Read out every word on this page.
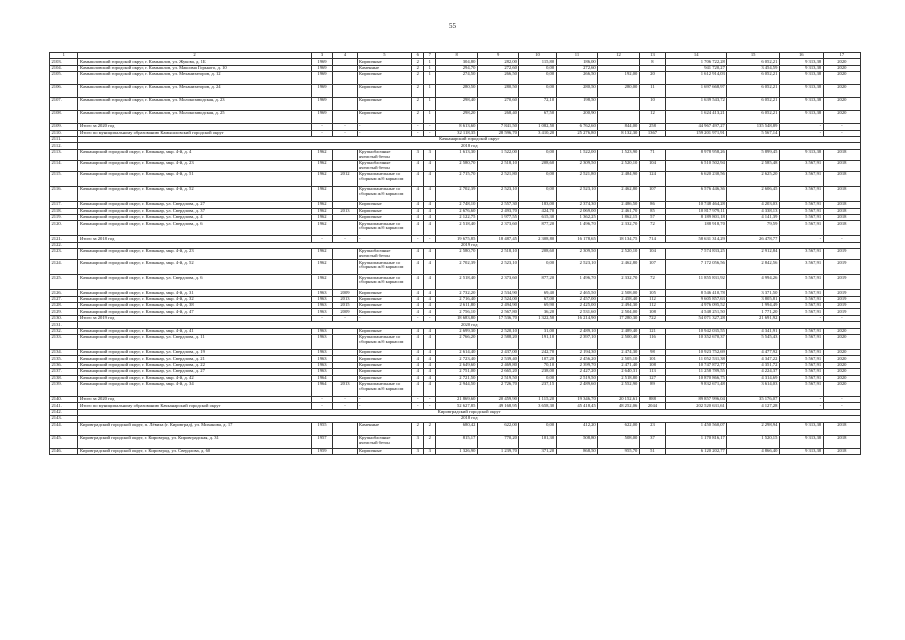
55
1	2	3	4	5	6	7	8	9	10	11	12	13	14	15	16	17
2103.	Камышловский городской округ, г. Камышлов, ул. Жукова, д. 1Б	1969		Кирпичные	2	1	304,80	282,00	115,80	186,00		8	1 706 722,28	6 052,21	9 313,38	2020
2104.	Камышловский городской округ, г. Камышлов, ул. Максима Горького, д. 10	1969		Каменные	2	1	294,70	272,60	0,00	272,60			941 720,27	3 454,59	9 313,38	2020
2105.	Камышловский городской округ, г. Камышлов, ул. Механизаторов, д. 12	1969		Кирпичные	2	1	274,50	266,50	0,00	266,50	192,00	20	1 612 914,03	6 052,21	9 313,38	2020
2106.	Камышловский городской округ, г. Камышлов, ул. Механизаторов, д. 24	1969		Кирпичные	2	1	280,50	280,50	0,00	280,50	280,00	11	1 697 668,97	6 052,21	9 313,38	2020
2107.	Камышловский городской округ, г. Камышлов, ул. Молокозаводская, д. 23	1969		Кирпичные	2	1	298,40	270,60	72,10	198,50		10	1 639 543,72	6 052,21	9 313,38	2020
2108.	Камышловский городской округ, г. Камышлов, ул. Молокозаводская, д. 25	1969		Кирпичные	2	1	298,20	268,40	67,50	200,90		12	1 624 413,21	6 052,21	9 313,38	2020
2109.	Итого за 2020 год	-	-	-	-	-	8 613,60	7 841,50	1 082,50	6 762,60	844,00	258	44 967 497,27	135 548,89	-	-
2110.	Итого по муниципальному образованию Камышловский городской округ	-	-	-	-	-	32 118,35	28 596,70	3 410,20	25 276,80	8 132,30	1367	159 201 971,91	5 567,14	-	-
2111.	Качканарский городской округ															
2112.	2018 год															
2113.	Качканарский городской округ, г. Качканар, мкр. 4-й, д. 4	1962		Крупноблочные ячеистый бетон	3	3	1 613,30	1 522,00	0,00	1 522,00	1 523,90	71	8 978 958,26	5 899,45	9 313,38	2018
2114.	Качканарский городской округ, г. Качканар, мкр. 4-й, д. 23	1962		Крупноблочные ячеистый бетон	4	4	2 580,70	2 518,10	208,60	2 309,50	2 520,10	104	6 510 502,94	2 585,48	3 567,91	2018
2115.	Качканарский городской округ, г. Качканар, мкр. 4-й, д. 51	1962	2012	Крупнопанельные со сборным ж/б каркасом	4	4	2 715,70	2 521,80	0,00	2 521,80	2 484,90	124	6 620 230,56	2 625,20	3 567,91	2018
2116.	Качканарский городской округ, г. Качканар, мкр. 4-й, д. 52	1962		Крупнопанельные со сборным ж/б каркасом	4	4	2 702,39	2 523,10	0,00	2 523,10	2 462,80	107	6 576 446,36	2 606,45	3 567,91	2018
2117.	Качканарский городской округ, г. Качканар, ул. Свердлова, д. 27	1962		Кирпичные	4	4	2 748,10	2 557,30	183,00	2 374,30	2 486,50	86	10 748 464,28	4 203,03	5 567,91	2018
2118.	Качканарский городской округ, г. Качканар, ул. Свердлова, д. 37	1962	2013	Кирпичные	4	4	2 676,60	2 493,70	424,70	2 069,00	2 461,70	85	10 817 979,11	4 338,13	5 567,91	2018
2119.	Качканарский городской округ, г. Качканар, ул. Свердлова, д. 4	1962		Кирпичные	4	4	2 122,75	1 977,55	615,30	1 362,25	1 862,15	57	8 189 801,18	4 141,39	5 567,91	2018
2120.	Качканарский городской округ, г. Качканар, ул. Свердлова, д. 6	1962		Крупнопанельные со сборным ж/б каркасом	4	4	2 518,40	2 373,60	877,20	1 496,70	2 332,70	72	188 918,70	79,59	5 567,91	2018
2121.	Итого за 2018 год	-	-	-	-	-	19 675,85	18 487,45	2 308,80	16 178,65	18 134,75	714	58 631 314,29	26 478,77	-	-
2122.	2019 год															
2123.	Качканарский городской округ, г. Качканар, мкр. 4-й, д. 23	1962		Крупноблочные ячеистый бетон	4	4	2 580,70	2 518,10	208,60	2 309,50	2 520,10	104	7 574 833,25	2 912,84	3 567,91	2019
2124.	Качканарский городской округ, г. Качканар, мкр. 4-й, д. 52	1962		Крупнопанельные со сборным ж/б каркасом	4	4	2 702,39	2 523,10	0,00	2 523,10	2 462,80	107	7 172 056,56	2 842,56	3 567,91	2019
2125.	Качканарский городской округ, г. Качканар, ул. Свердлова, д. 6	1962		Крупнопанельные со сборным ж/б каркасом	4	4	2 518,40	2 373,60	877,20	1 496,70	2 332,70	72	11 855 831,92	4 994,26	5 567,91	2019
2126.	Качканарский городской округ, г. Качканар, мкр. 4-й, д. 31	1963	2009	Кирпичные	4	4	2 732,20	2 534,90	69,40	2 465,50	2 508,00	105	8 546 410,78	3 371,50	5 567,91	2019
2127.	Качканарский городской округ, г. Качканар, мкр. 4-й, д. 32	1963	2013	Кирпичные	4	4	2 716,40	2 524,00	67,00	2 457,00	2 458,40	112	9 605 857,63	3 805,81	5 567,91	2019
2128.	Качканарский городской округ, г. Качканар, мкр. 4-й, д. 38	1963	2015	Кирпичные	4	4	2 611,80	2 494,90	69,90	2 425,00	2 494,30	112	4 976 095,52	1 994,49	5 567,91	2019
2129.	Качканарский городской округ, г. Качканар, мкр. 4-й, д. 47	1963	2009	Кирпичные	4	4	2 756,10	2 567,80	36,20	2 531,60	2 504,00	108	4 548 251,50	1 771,20	5 567,91	2019
2130.	Итого за 2019 год	-	-	-	-	-	18 683,80	17 536,70	1 322,50	16 214,90	17 280,30	722	54 071 327,28	21 691,92	-	-
2131.	2020 год															
2132.	Качканарский городской округ, г. Качканар, мкр. 4-й, д. 41	1963		Кирпичные	4	4	2 699,30	2 520,10	31,00	2 489,10	2 489,40	121	10 942 035,55	4 341,91	5 567,91	2020
2133.	Качканарский городской округ, г. Качканар, ул. Свердлова, д. 11	1963		Крупнопанельные со сборным ж/б каркасом	4	4	2 766,20	2 588,20	191,10	2 397,10	2 500,40	116	10 352 670,37	5 545,43	5 567,91	2020
2134.	Качканарский городской округ, г. Качканар, ул. Свердлова, д. 19	1963		Кирпичные	4	4	2 614,40	2 437,00	242,70	2 194,30	2 474,30	98	10 923 752,69	4 477,92	5 567,91	2020
2135.	Качканарский городской округ, г. Качканар, ул. Свердлова, д. 21	1963		Кирпичные	4	4	2 723,40	2 539,40	107,20	2 456,20	2 505,10	101	11 052 531,38	4 347,22	5 567,91	2020
2136.	Качканарский городской округ, г. Качканар, ул. Свердлова, д. 22	1963		Кирпичные	4	4	2 649,60	2 469,80	70,10	2 399,70	2 471,40	108	10 747 872,77	4 351,72	5 567,91	2020
2137.	Качканарский городской округ, г. Качканар, ул. Свердлова, д. 27	1963		Кирпичные	4	4	2 751,00	2 665,20	238,00	2 427,20	2 640,31	113	11 258 789,55	4 224,37	5 567,91	2020
2138.	Качканарский городской округ, г. Качканар, мкр. 4-й, д. 42	1964		Кирпичные	4	4	2 721,50	2 519,50	0,00	2 519,50	2 518,80	127	10 870 866,75	4 314,69	5 567,91	2020
2139.	Качканарский городской округ, г. Качканар, мкр. 4-й, д. 34	1964	2013	Крупнопанельные со сборным ж/б каркасом	4	4	2 944,50	2 726,70	237,15	2 489,60	2 552,90	89	9 832 671,48	3 614,03	5 567,91	2020
2140.	Итого за 2020 год	-	-	-	-	-	21 869,60	20 459,90	1 115,20	19 346,70	20 152,61	888	89 857 996,04	35 176,07	-	-
2141.	Итого по муниципальному образованию Качканарский городской округ	-	-	-	-	-	52 627,85	49 168,95	3 658,30	45 418,45	48 252,06	2044	202 520 631,61	4 127,28	-	-
2142.	Кировградский городской округ															
2143.	2018 год															
2144.	Кировградский городской округ, п. Лёвиха (г. Кировград), ул. Миханова, д. 17	1955		Каменные	2	2	680,42	622,00	0,00	412,20	622,00	23	1 450 560,07	2 298,94	9 313,38	2018
2145.	Кировградский городской округ, г. Кировград, ул. Кировградская, д. 31	1957		Крупноблочные ячеистый бетон	3	2	815,17	770,20	101,30	508,80	508,00	37	1 170 816,17	1 520,15	9 313,38	2018
2146.	Кировградский городской округ, г. Кировград, ул. Свердлова, д. 60	1959		Кирпичные	3	3	1 326,90	1 239,70	371,20	868,50	955,70	51	6 120 202,77	4 866,40	9 313,38	2018
